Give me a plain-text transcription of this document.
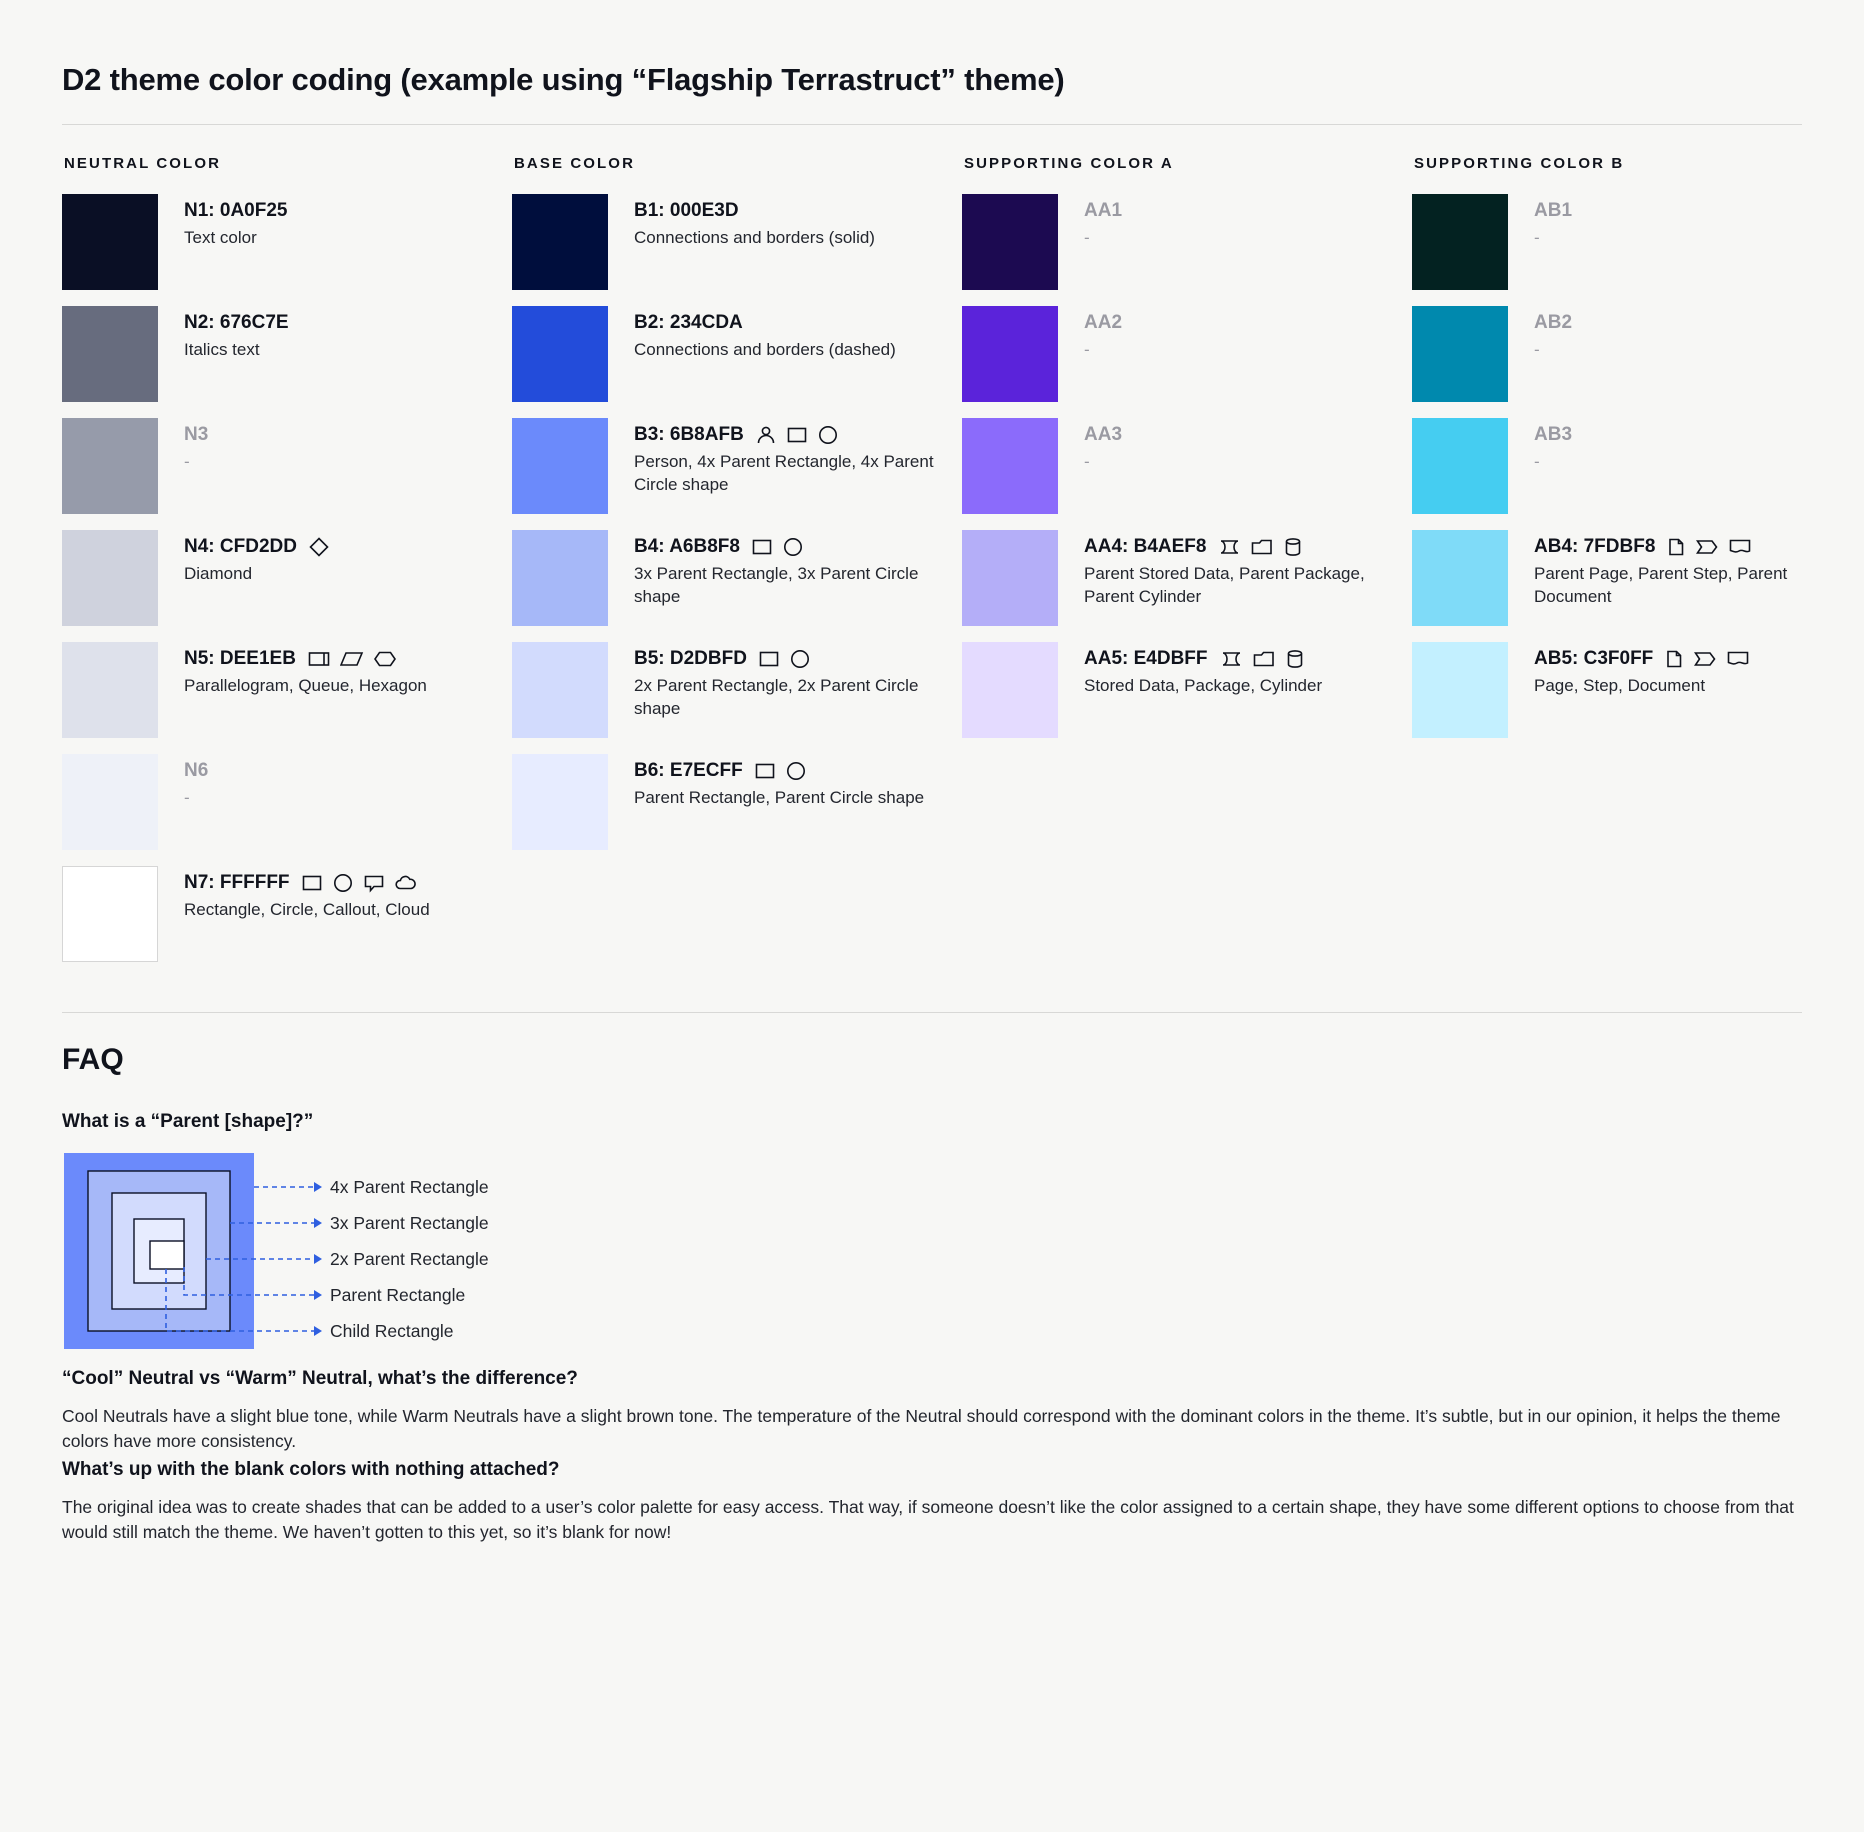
D2 theme color coding (example using “Flagship Terrastruct” theme)
NEUTRAL COLOR
N1: 0A0F25
Text color
N2: 676C7E
Italics text
N3
-
N4: CFD2DD
Diamond
N5: DEE1EB
Parallelogram, Queue, Hexagon
N6
-
N7: FFFFFF
Rectangle, Circle, Callout, Cloud
BASE COLOR
B1: 000E3D
Connections and borders (solid)
B2: 234CDA
Connections and borders (dashed)
B3: 6B8AFB
Person, 4x Parent Rectangle, 4x Parent Circle shape
B4: A6B8F8
3x Parent Rectangle, 3x Parent Circle shape
B5: D2DBFD
2x Parent Rectangle, 2x Parent Circle shape
B6: E7ECFF
Parent Rectangle, Parent Circle shape
SUPPORTING COLOR A
AA1
-
AA2
-
AA3
-
AA4: B4AEF8
Parent Stored Data, Parent Package, Parent Cylinder
AA5: E4DBFF
Stored Data, Package, Cylinder
SUPPORTING COLOR B
AB1
-
AB2
-
AB3
-
AB4: 7FDBF8
Parent Page, Parent Step, Parent Document
AB5: C3F0FF
Page, Step, Document
FAQ
What is a “Parent [shape]?”
4x Parent Rectangle
3x Parent Rectangle
2x Parent Rectangle
Parent Rectangle
Child Rectangle
“Cool” Neutral vs “Warm” Neutral, what’s the difference?

Cool Neutrals have a slight blue tone, while Warm Neutrals have a slight brown tone. The temperature of the Neutral should correspond with the dominant colors in the theme. It’s subtle, but in our opinion, it helps the theme colors have more consistency.

What’s up with the blank colors with nothing attached?

The original idea was to create shades that can be added to a user’s color palette for easy access. That way, if someone doesn’t like the color assigned to a certain shape, they have some different options to choose from that would still match the theme. We haven’t gotten to this yet, so it’s blank for now!
